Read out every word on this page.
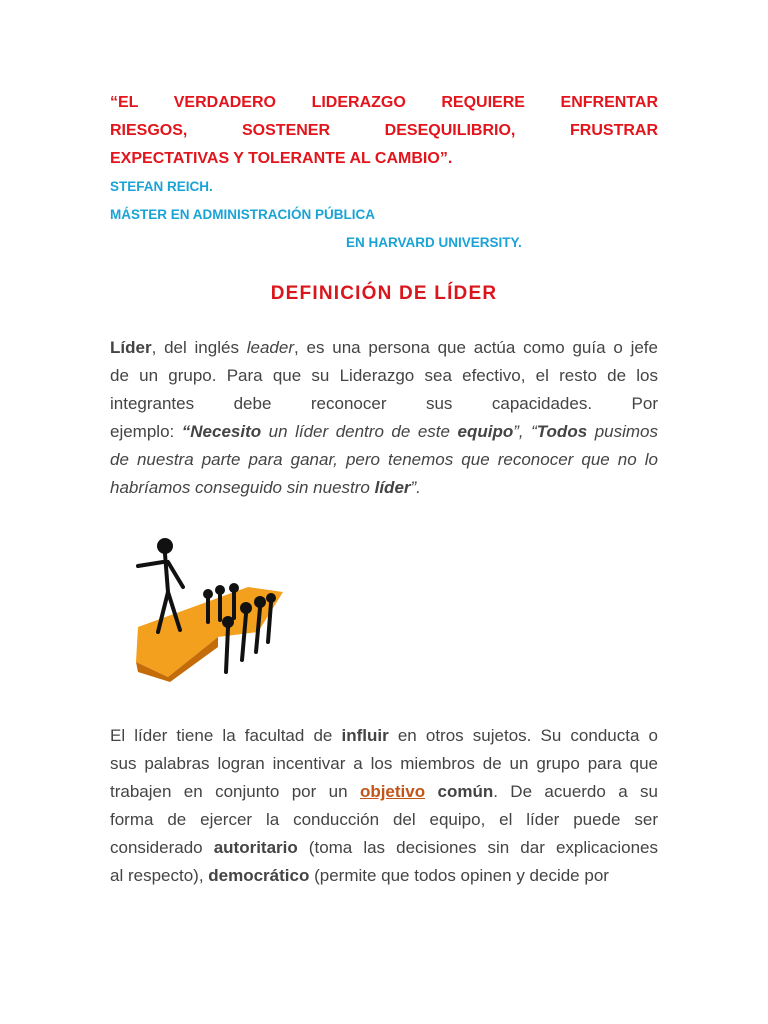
“EL VERDADERO LIDERAZGO REQUIERE ENFRENTAR
RIESGOS, SOSTENER DESEQUILIBRIO, FRUSTRAR
EXPECTATIVAS Y TOLERANTE AL CAMBIO”.
STEFAN REICH.
MÁSTER EN ADMINISTRACIÓN PÚBLICA
EN HARVARD UNIVERSITY.
DEFINICIÓN DE LÍDER
Líder, del inglés leader, es una persona que actúa como guía o jefe
de un grupo. Para que su Liderazgo sea efectivo, el resto de los
integrantes debe reconocer sus capacidades. Por
ejemplo: “Necesito un líder dentro de este equipo”, “Todos pusimos
de nuestra parte para ganar, pero tenemos que reconocer que no lo
habríamos conseguido sin nuestro líder”.
El líder tiene la facultad de influir en otros sujetos. Su conducta o
sus palabras logran incentivar a los miembros de un grupo para que
trabajen en conjunto por un objetivo común. De acuerdo a su
forma de ejercer la conducción del equipo, el líder puede ser
considerado autoritario (toma las decisiones sin dar explicaciones
al respecto), democrático (permite que todos opinen y decide por
